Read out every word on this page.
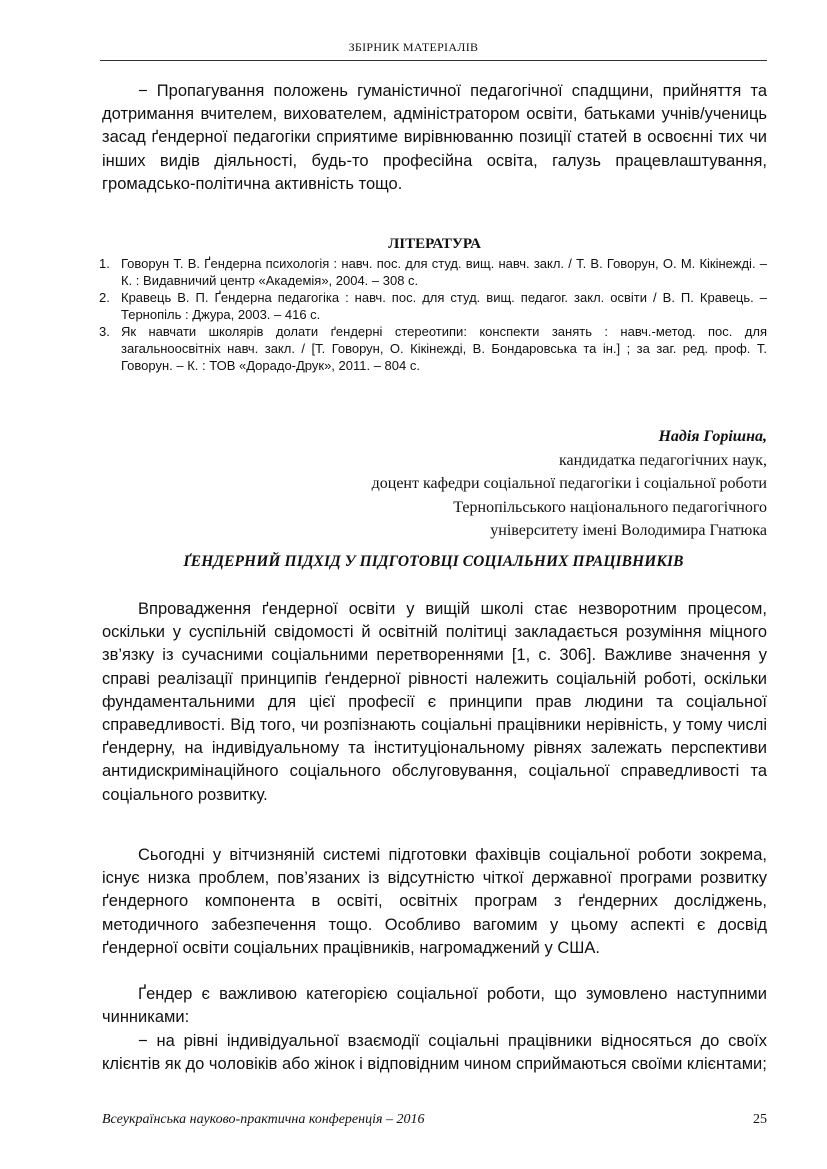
ЗБІРНИК МАТЕРІАЛІВ

− Пропагування положень гуманістичної педагогічної спадщини, прийняття та дотримання вчителем, вихователем, адміністратором освіти, батьками учнів/учениць засад ґендерної педагогіки сприятиме вирівнюванню позиції статей в освоєнні тих чи інших видів діяльності, будь-то професійна освіта, галузь працевлаштування, громадсько-політична активність тощо.

ЛІТЕРАТУРА
1. Говорун Т. В. Ґендерна психологія : навч. пос. для студ. вищ. навч. закл. / Т. В. Говорун, О. М. Кікінежді. – К. : Видавничий центр «Академія», 2004. – 308 с.
2. Кравець В. П. Ґендерна педагогіка : навч. пос. для студ. вищ. педагог. закл. освіти / В. П. Кравець. – Тернопіль : Джура, 2003. – 416 с.
3. Як навчати школярів долати ґендерні стереотипи: конспекти занять : навч.-метод. пос. для загальноосвітніх навч. закл. / [Т. Говорун, О. Кікінежді, В. Бондаровська та ін.] ; за заг. ред. проф. Т. Говорун. – К. : ТОВ «Дорадо-Друк», 2011. – 804 с.
Надія Горішна,
кандидатка педагогічних наук,
доцент кафедри соціальної педагогіки і соціальної роботи
Тернопільського національного педагогічного
університету імені Володимира Гнатюка
ҐЕНДЕРНИЙ ПІДХІД У ПІДГОТОВЦІ СОЦІАЛЬНИХ ПРАЦІВНИКІВ

Впровадження ґендерної освіти у вищій школі стає незворотним процесом, оскільки у суспільній свідомості й освітній політиці закладається розуміння міцного зв’язку із сучасними соціальними перетвореннями [1, с. 306]. Важливе значення у справі реалізації принципів ґендерної рівності належить соціальній роботі, оскільки фундаментальними для цієї професії є принципи прав людини та соціальної справедливості. Від того, чи розпізнають соціальні працівники нерівність, у тому числі ґендерну, на індивідуальному та інституціональному рівнях залежать перспективи антидискримінаційного соціального обслуговування, соціальної справедливості та соціального розвитку.

Сьогодні у вітчизняній системі підготовки фахівців соціальної роботи зокрема, існує низка проблем, пов’язаних із відсутністю чіткої державної програми розвитку ґендерного компонента в освіті, освітніх програм з ґендерних досліджень, методичного забезпечення тощо. Особливо вагомим у цьому аспекті є досвід ґендерної освіти соціальних працівників, нагромаджений у США.

Ґендер є важливою категорією соціальної роботи, що зумовлено наступними чинниками:

− на рівні індивідуальної взаємодії соціальні працівники відносяться до своїх клієнтів як до чоловіків або жінок і відповідним чином сприймаються своїми клієнтами;

Всеукраїнська науково-практична конференція – 2016	25
